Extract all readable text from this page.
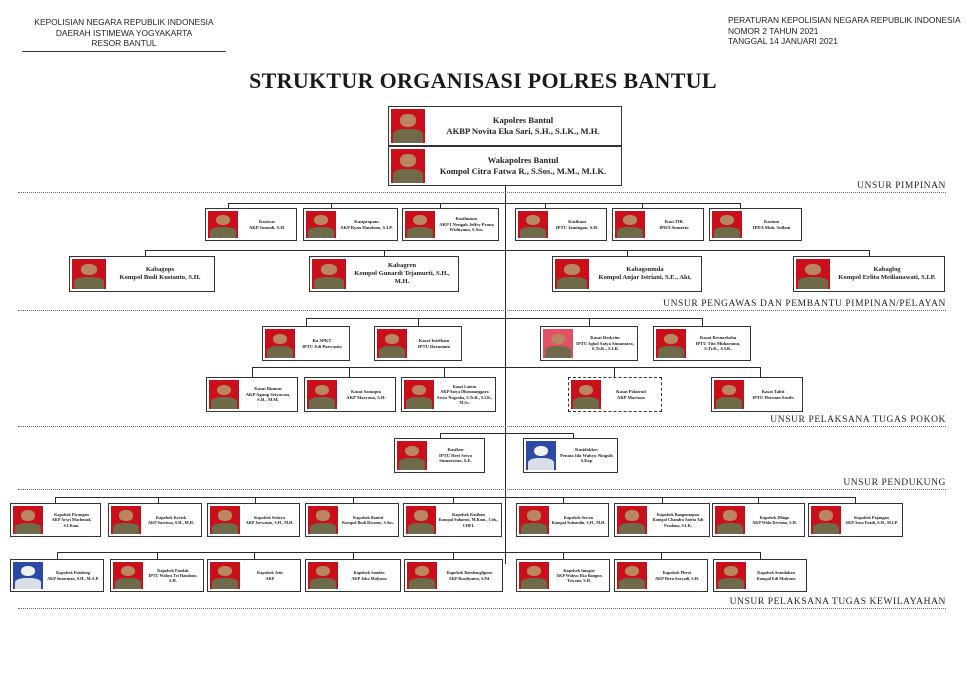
KEPOLISIAN NEGARA REPUBLIK INDONESIA
DAERAH ISTIMEWA YOGYAKARTA
RESOR BANTUL
PERATURAN KEPOLISIAN NEGARA REPUBLIK INDONESIA
NOMOR 2 TAHUN 2021
TANGGAL 14 JANUARI 2021
STRUKTUR ORGANISASI POLRES BANTUL
UNSUR PIMPINAN
UNSUR PENGAWAS DAN PEMBANTU PIMPINAN/PELAYAN
UNSUR PELAKSANA TUGAS POKOK
UNSUR PENDUKUNG
UNSUR PELAKSANA TUGAS KEWILAYAHAN
Kapolres Bantul
AKBP Novita Eka Sari, S.H., S.I.K., M.H.
Wakapolres Bantul
Kompol Citra Fatwa R., S.Sos., M.M., M.I.K.
Kasiwas
AKP Jumadi, S.H.
Kasipropam
AKP Ryan Handono, S.I.P.
Kasihumas
AKP I Nengah Jeffry Prana Widnyana, S.Sos.
Kasikum
IPTU Jamingan, S.H.
Kasi TIK
IPDA Sumarto
Kasium
IPDA Muh. Sulloni
Kabagops
Kompol Budi Kustanto, S.H.
Kabagren
Kompol Gunardi Tejamurti, S.H., M.H.
Kabagsumda
Kompol Anjar Istriani, S.E., Akt.
Kabaglog
Kompol Erlita Meilianawati, S.I.P.
Ka SPKT
IPTU Edi Purwanto
Kasat Intelkam
IPTU Darmanto
Kasat Reskrim
IPTU Iqbal Satya Simantara, S.Tr.K., S.I.K
Kasat Resnarkoba
IPTU Tito Muharamu, S.Tr.K., S.I.K.
Kasat Binmas
AKP Agung Setyawan, S.H., M.M.
Kasat Samapta
AKP Maryono, S.H.
Kasat Lantas
AKP Satya Dhirananggara Arsya Nugraha, S.Tr.K., S.I.K., M.Sc.
Kasat Polairud
AKP Martono
Kasat Tahti
IPTU Herman Susilo
Kasikeu
IPTU Heri Setyo Sumarsono, S.E.
Kasidokkes
Penata Ida Wahyu Ningsih S.Kep
Kapolsek Piyungan
AKP Arsyi Machmud, S.I.Kom.
Kapolsek Kretek
AKP Sutrisno, S.H., M.H.
Kapolsek Sedayu
AKP Jarwanto, S.H., M.H.
Kapolsek Bantul
Kompol Budi Riyanto, S.Sos.
Kapolsek Kasihan
Kompol Suharno, M.Kom., Cels., CHFI.
Kapolsek Sewon
Kompol Suhondin, S.H., M.H.
Kapolsek Banguntapan
Kompol Chandra Satria Adi Pradana, S.I.K.
Kapolsek Dlingo
AKP Wida Deviana, S.H.
Kapolsek Pajangan
AKP Asuo Fuadi, S.H., M.I.P.
Kapolsek Pundong
AKP Sutarman, S.H., M.A.P.
Kapolsek Pandak
IPTU Wahyu Tri Handono, S.H.
Kapolsek Jetis
AKP
Kapolsek Sanden
AKP Joko Mulyono
Kapolsek Bambanglipuro
AKP Rusdiyanto, S.Pd.
Kapolsek Imogiri
AKP Wahyu Eko Bangun Triyono, S.H.
Kapolsek Pleret
AKP Heru Suryadi, S.H.
Kapolsek Srandakan
Kompol Edi Mulyono
